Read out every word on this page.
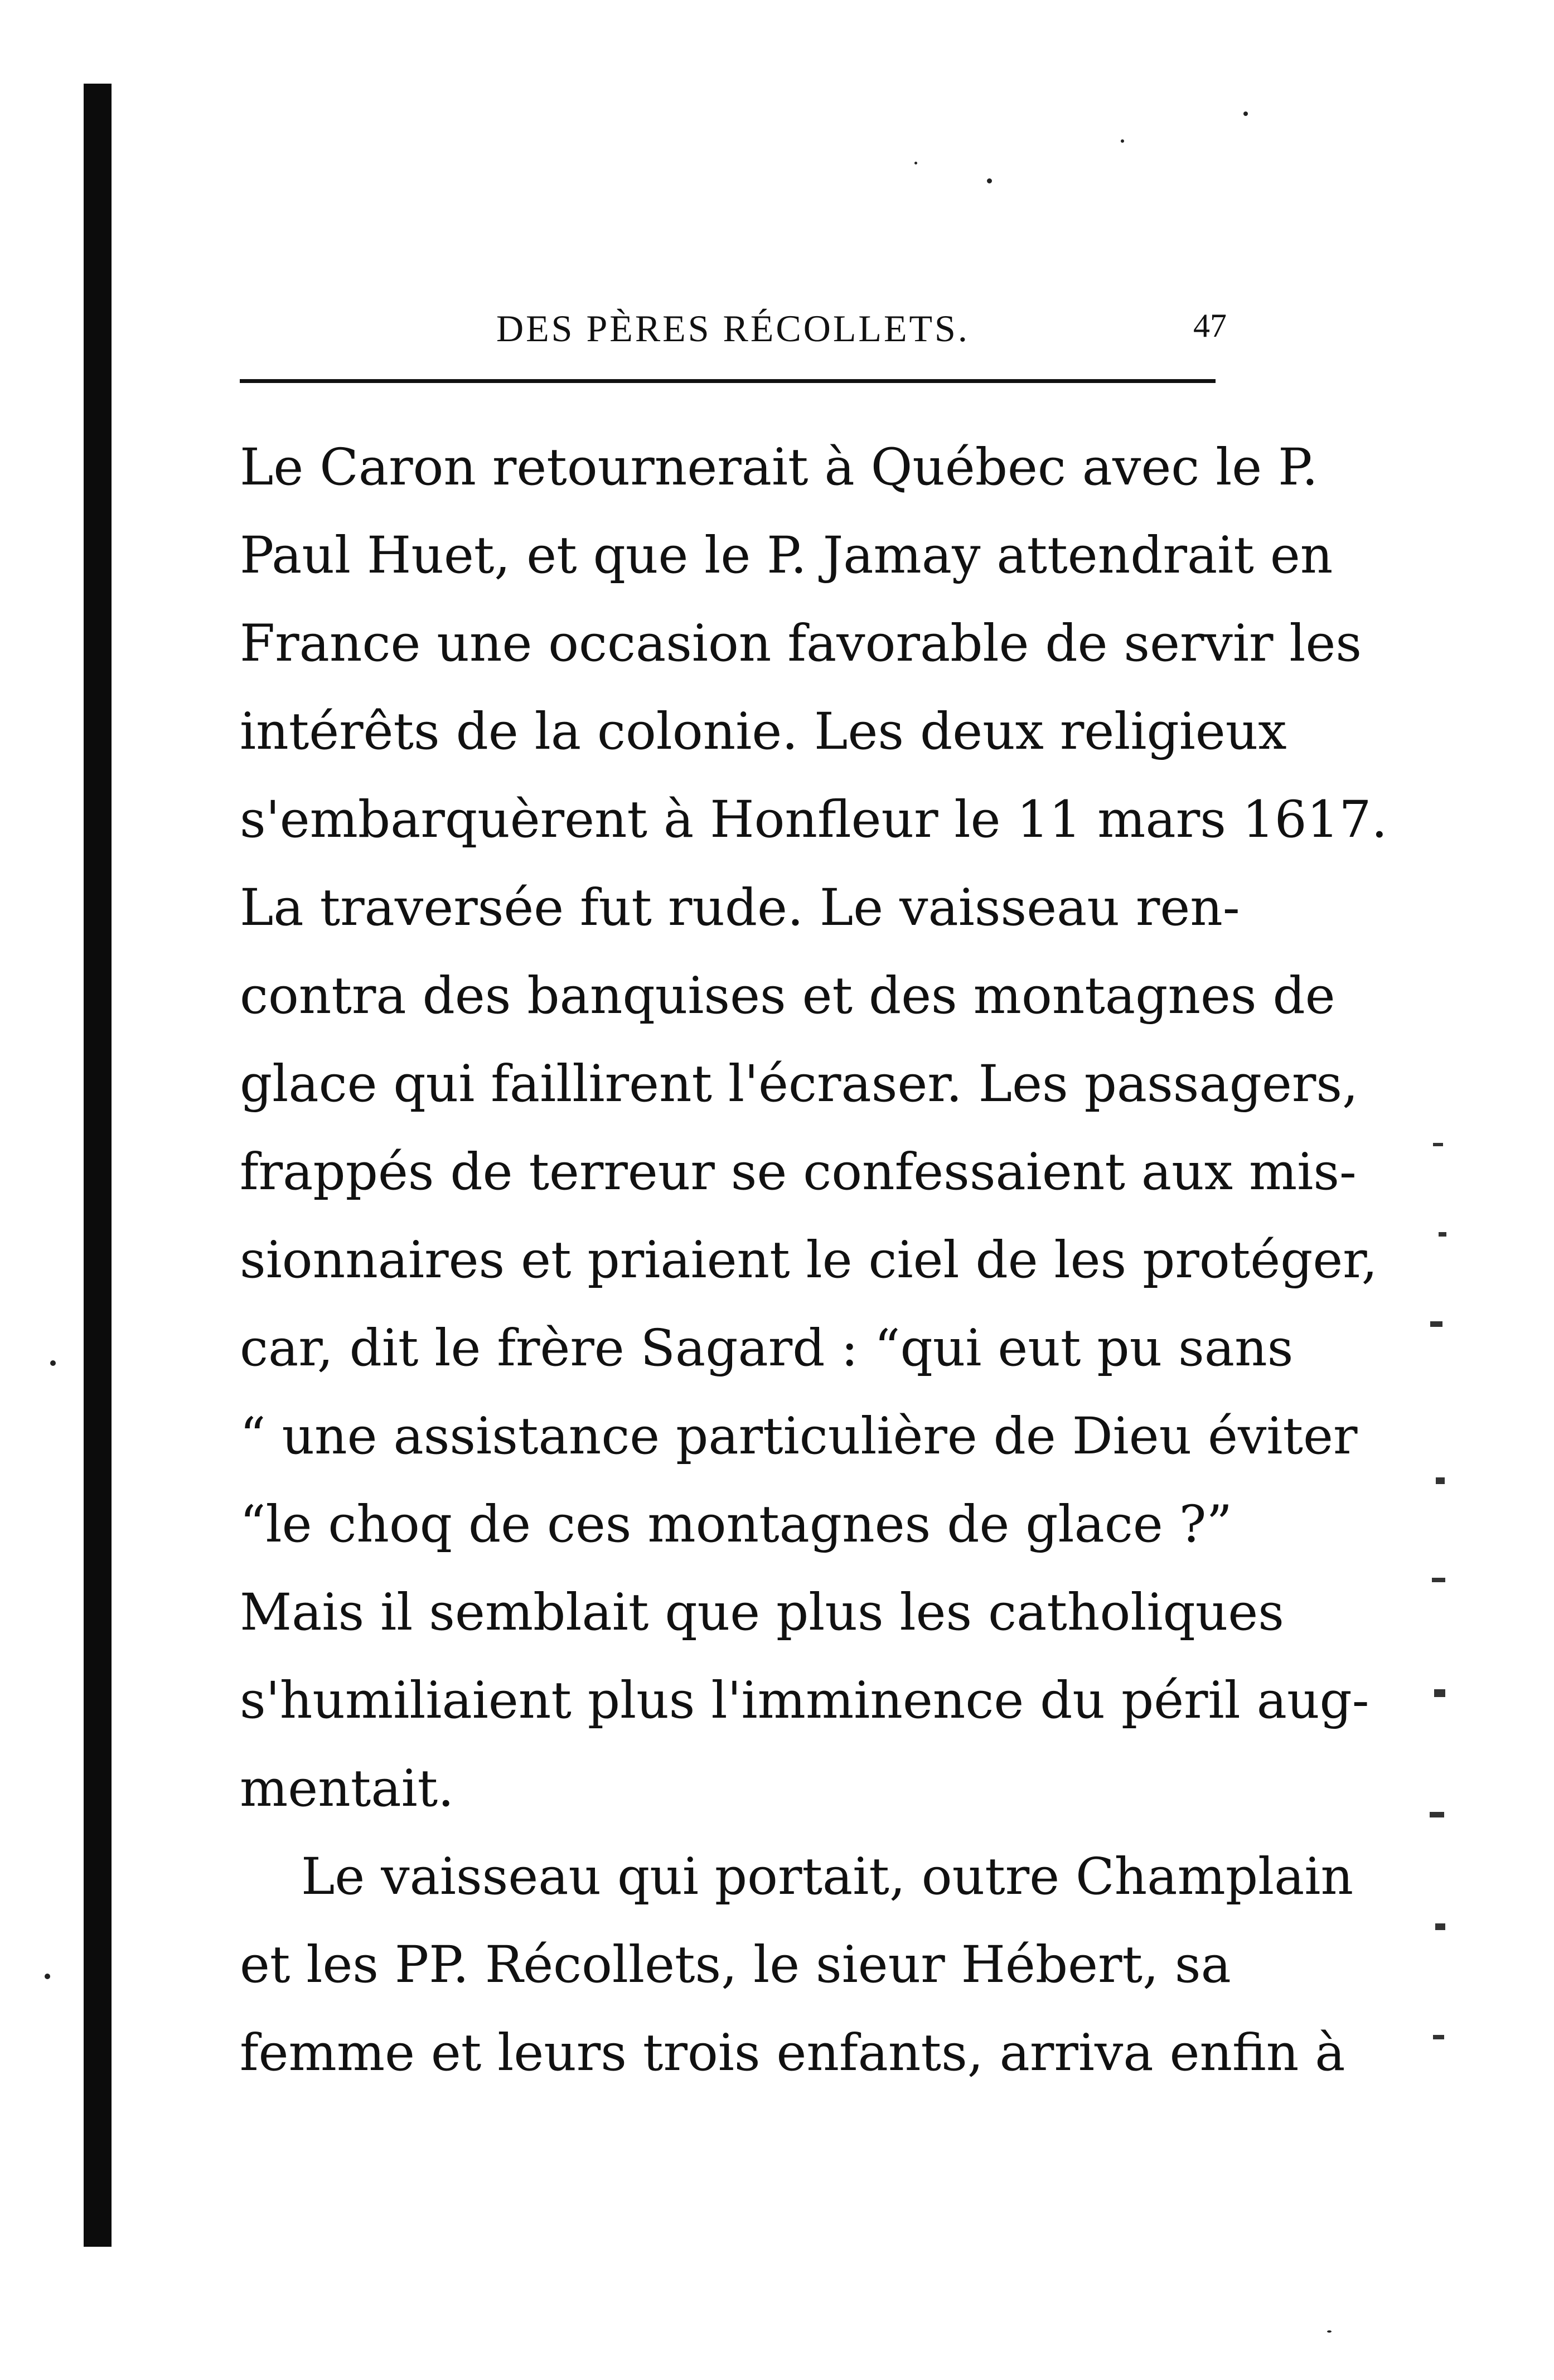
DES PÈRES RÉCOLLETS.	47
Le Caron retournerait à Québec avec le P.
Paul Huet, et que le P. Jamay attendrait en
France une occasion favorable de servir les
intérêts de la colonie. Les deux religieux
s'embarquèrent à Honfleur le 11 mars 1617.
La traversée fut rude. Le vaisseau ren-
contra des banquises et des montagnes de
glace qui faillirent l'écraser. Les passagers,
frappés de terreur se confessaient aux mis-
sionnaires et priaient le ciel de les protéger,
car, dit le frère Sagard : “qui eut pu sans
“ une assistance particulière de Dieu éviter
“le choq de ces montagnes de glace ?”
Mais il semblait que plus les catholiques
s'humiliaient plus l'imminence du péril aug-
mentait.
Le vaisseau qui portait, outre Champlain
et les PP. Récollets, le sieur Hébert, sa
femme et leurs trois enfants, arriva enfin à
